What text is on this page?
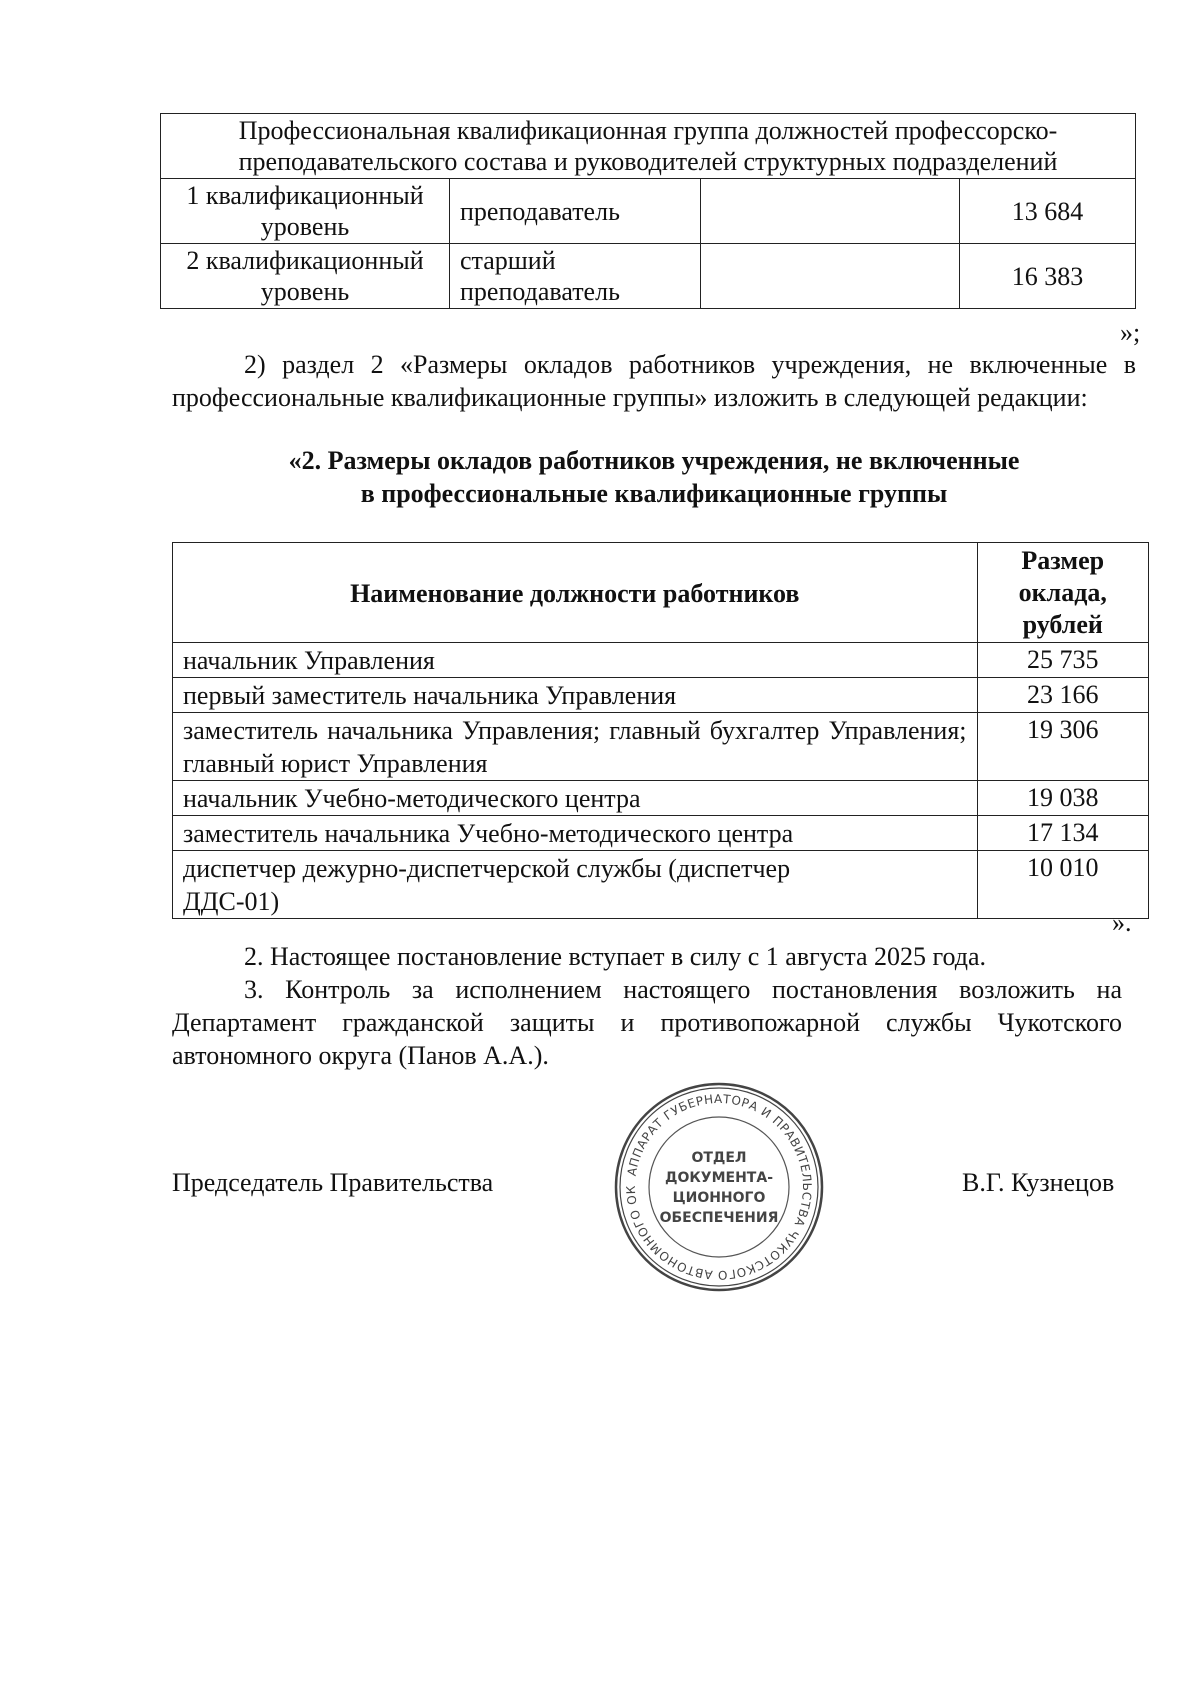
Профессиональная квалификационная группа должностей профессорско-преподавательского состава и руководителей структурных подразделений			
1 квалификационный уровень	преподаватель		13 684
2 квалификационный уровень	старший преподаватель		16 383
»;
2) раздел 2 «Размеры окладов работников учреждения, не включенные в профессиональные квалификационные группы» изложить в следующей редакции:
«2. Размеры окладов работников учреждения, не включенные
в профессиональные квалификационные группы
Наименование должности работников	Размер оклада, рублей
начальник Управления	25 735
первый заместитель начальника Управления	23 166
заместитель начальника Управления; главный бухгалтер Управления; главный юрист Управления	19 306
начальник Учебно-методического центра	19 038
заместитель начальника Учебно-методического центра	17 134
диспетчер дежурно-диспетчерской службы (диспетчер ДДС-01)	10 010
».
2. Настоящее постановление вступает в силу с 1 августа 2025 года.
3. Контроль за исполнением настоящего постановления возложить на Департамент гражданской защиты и противопожарной службы Чукотского автономного округа (Панов А.А.).
Председатель Правительства	В.Г. Кузнецов
АППАРАТ ГУБЕРНАТОРА И ПРАВИТЕЛЬСТВА ЧУКОТСКОГО АВТОНОМНОГО ОК
ОТДЕЛ
ДОКУМЕНТА-
ЦИОННОГО
ОБЕСПЕЧЕНИЯ
